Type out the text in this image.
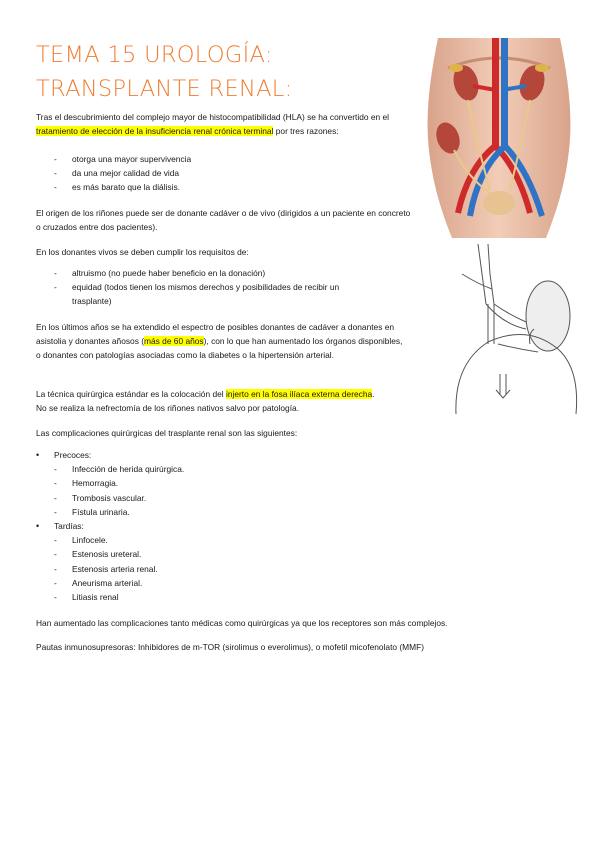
TEMA 15 UROLOGÍA:
TRANSPLANTE RENAL:
Tras el descubrimiento del complejo mayor de histocompatibilidad (HLA) se ha convertido en el tratamiento de elección de la insuficiencia renal crónica terminal por tres razones:
- otorga una mayor supervivencia
- da una mejor calidad de vida
- es más barato que la diálisis.
El origen de los riñones puede ser de donante cadáver o de vivo (dirigidos a un paciente en concreto o cruzados entre dos pacientes).
En los donantes vivos se deben cumplir los requisitos de:
- altruismo (no puede haber beneficio en la donación)
- equidad (todos tienen los mismos derechos y posibilidades de recibir un trasplante)
En los últimos años se ha extendido el espectro de posibles donantes de cadáver a donantes en asistolia y donantes añosos (más de 60 años), con lo que han aumentado los órganos disponibles, o donantes con patologías asociadas como la diabetes o la hipertensión arterial.
La técnica quirúrgica estándar es la colocación del injerto en la fosa ilíaca externa derecha. No se realiza la nefrectomía de los riñones nativos salvo por patología.
Las complicaciones quirúrgicas del trasplante renal son las siguientes:
• Precoces:
- Infección de herida quirúrgica.
- Hemorragia.
- Trombosis vascular.
- Fístula urinaria.
• Tardías:
- Linfocele.
- Estenosis ureteral.
- Estenosis arteria renal.
- Aneurisma arterial.
- Litiasis renal
Han aumentado las complicaciones tanto médicas como quirúrgicas ya que los receptores son más complejos.
Pautas inmunosupresoras: Inhibidores de m-TOR (sirolimus o everolimus), o mofetil micofenolato (MMF)
